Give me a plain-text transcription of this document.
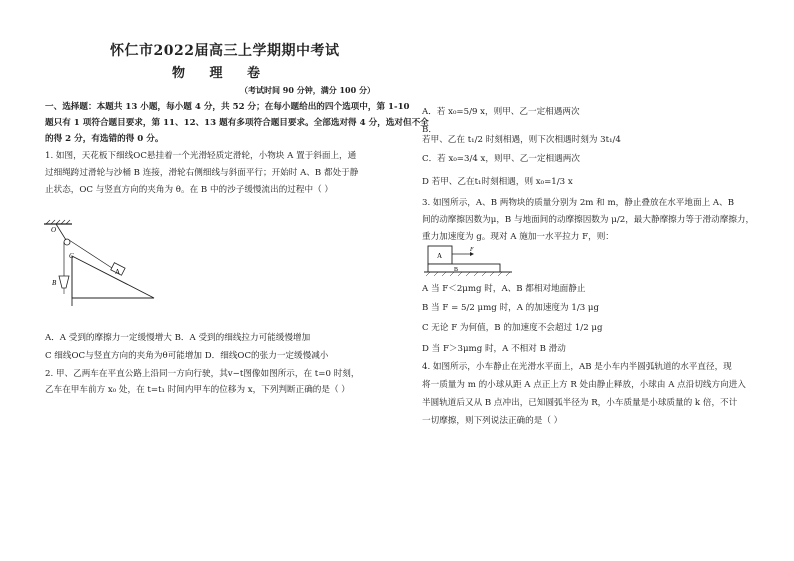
怀仁市2022届高三上学期期中考试
物 理 卷
（考试时间 90 分钟，满分 100 分）
一、选择题：本题共 13 小题，每小题 4 分，共 52 分；在每小题给出的四个选项中，第 1-10
题只有 1 项符合题目要求，第 11、12、13 题有多项符合题目要求。全部选对得 4 分，选对但不全
的得 2 分，有选错的得 0 分。
1. 如图，天花板下细线OC悬挂着一个光滑轻质定滑轮，小物块 A 置于斜面上，通
过细绳跨过滑轮与沙桶 B 连接，滑轮右侧细线与斜面平行；开始时 A、B 都处于静
止状态，OC 与竖直方向的夹角为 θ。在 B 中的沙子缓慢流出的过程中（ ）
O
C
B
A
A．A 受到的摩擦力一定缓慢增大 B．A 受到的细线拉力可能缓慢增加
C 细线OC与竖直方向的夹角为θ可能增加 D．细线OC的张力一定缓慢减小
2. 甲、乙两车在平直公路上沿同一方向行驶，其v−t图像如图所示，在 t=0 时刻，
乙车在甲车前方 x₀ 处，在 t=t₁ 时间内甲车的位移为 x，下列判断正确的是（ ）
A．若 x₀=5/9 x，则甲、乙一定相遇两次
B．
若甲、乙在 t₁/2 时刻相遇，则下次相遇时刻为 3t₁/4
C．若 x₀=3/4 x，则甲、乙一定相遇两次
D 若甲、乙在t₁时刻相遇，则 x₀=1/3 x
3. 如图所示，A、B 两物块的质量分别为 2m 和 m，静止叠放在水平地面上 A、B
间的动摩擦因数为μ，B 与地面间的动摩擦因数为 μ/2，最大静摩擦力等于滑动摩擦力，
重力加速度为 g。现对 A 施加一水平拉力 F，则：
A
B
F
A 当 F＜2μmg 时，A、B 都相对地面静止
B 当 F = 5/2 μmg 时，A 的加速度为 1/3 μg
C 无论 F 为何值，B 的加速度不会超过 1/2 μg
D 当 F＞3μmg 时，A 不相对 B 滑动
4. 如图所示，小车静止在光滑水平面上，AB 是小车内半圆弧轨道的水平直径，现
将一质量为 m 的小球从距 A 点正上方 R 处由静止释放，小球由 A 点沿切线方向进入
半圆轨道后又从 B 点冲出，已知圆弧半径为 R，小车质量是小球质量的 k 倍，不计
一切摩擦，则下列说法正确的是（ ）
